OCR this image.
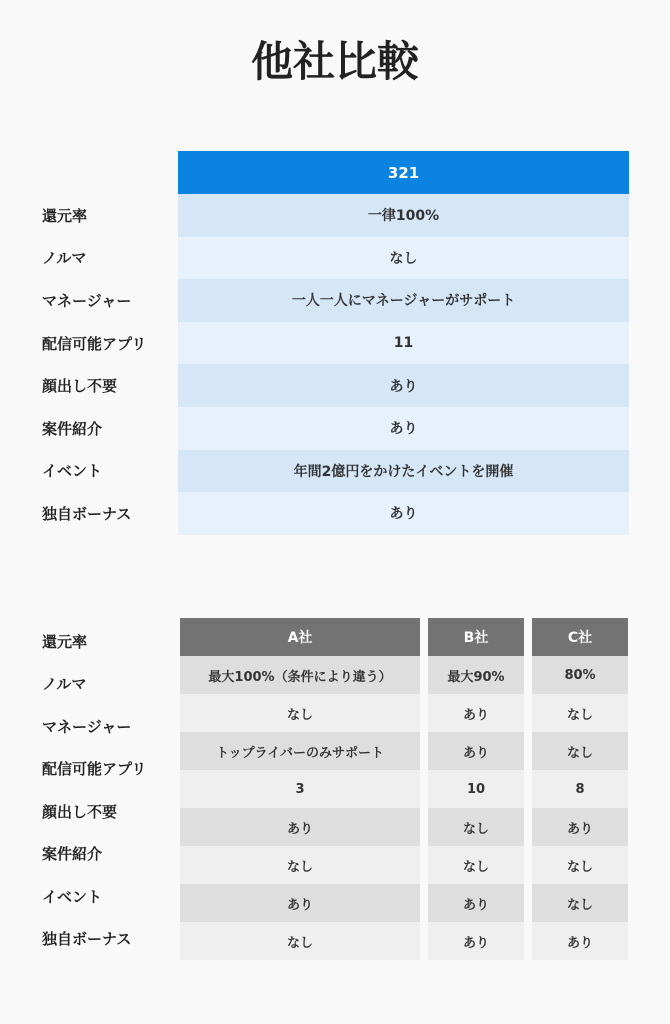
他社比較
321
還元率
ノルマ
マネージャー
配信可能アプリ
顔出し不要
案件紹介
イベント
独自ボーナス
一律100%
なし
一人一人にマネージャーがサポート
11
あり
あり
年間2億円をかけたイベントを開催
あり
還元率
ノルマ
マネージャー
配信可能アプリ
顔出し不要
案件紹介
イベント
独自ボーナス
A社
最大100%（条件により違う）
なし
トップライバーのみサポート
3
あり
なし
あり
なし
B社
最大90%
あり
あり
10
なし
なし
あり
あり
C社
80%
なし
なし
8
あり
なし
なし
あり
